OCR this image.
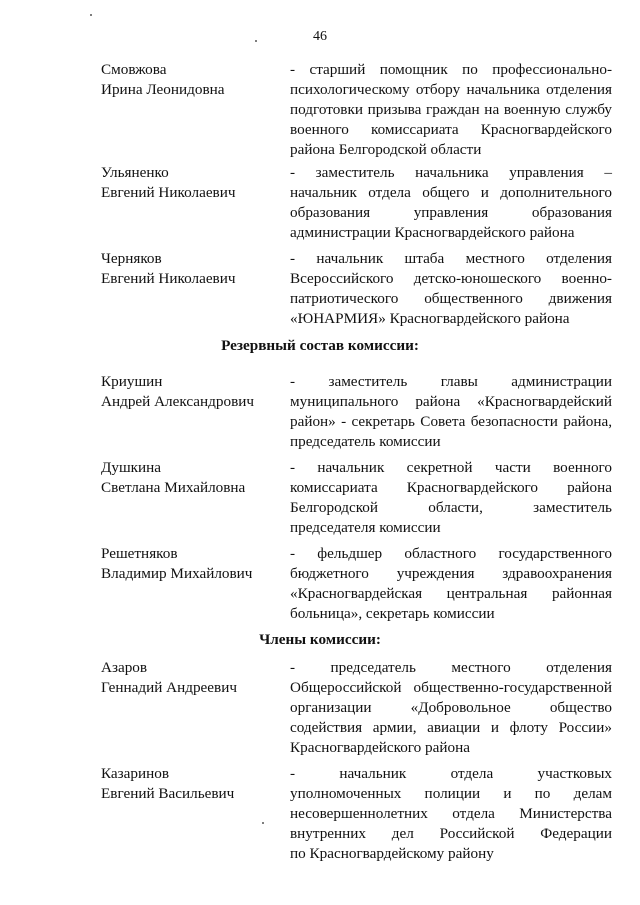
46
Смовжова
Ирина Леонидовна
- старший помощник по профессионально-
психологическому отбору начальника отделения
подготовки призыва граждан на военную службу
военного комиссариата Красногвардейского
района Белгородской области
Ульяненко
Евгений Николаевич
- заместитель начальника управления –
начальник отдела общего и дополнительного
образования управления образования
администрации Красногвардейского района
Черняков
Евгений Николаевич
- начальник штаба местного отделения
Всероссийского детско-юношеского военно-
патриотического общественного движения
«ЮНАРМИЯ» Красногвардейского района
Резервный состав комиссии:
Криушин
Андрей Александрович
- заместитель главы администрации
муниципального района «Красногвардейский
район» - секретарь Совета безопасности района,
председатель комиссии
Душкина
Светлана Михайловна
- начальник секретной части военного
комиссариата Красногвардейского района
Белгородской области, заместитель
председателя комиссии
Решетняков
Владимир Михайлович
- фельдшер областного государственного
бюджетного учреждения здравоохранения
«Красногвардейская центральная районная
больница», секретарь комиссии
Члены комиссии:
Азаров
Геннадий Андреевич
- председатель местного отделения
Общероссийской общественно-государственной
организации «Добровольное общество
содействия армии, авиации и флоту России»
Красногвардейского района
Казаринов
Евгений Васильевич
- начальник отдела участковых
уполномоченных полиции и по делам
несовершеннолетних отдела Министерства
внутренних дел Российской Федерации
по Красногвардейскому району
